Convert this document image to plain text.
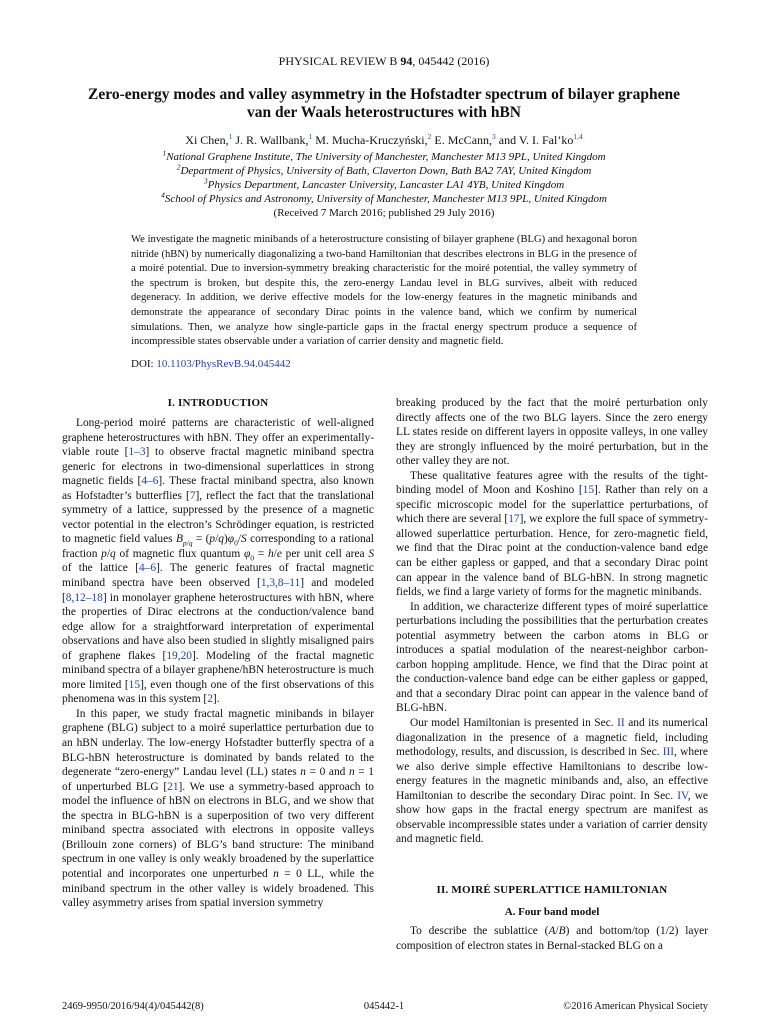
PHYSICAL REVIEW B 94, 045442 (2016)
Zero-energy modes and valley asymmetry in the Hofstadter spectrum of bilayer graphene
van der Waals heterostructures with hBN
Xi Chen,$^1$ J. R. Wallbank,$^1$ M. Mucha-Kruczyński,$^2$ E. McCann,$^3$ and V. I. Fal’ko$^{1,4}$
$^1$National Graphene Institute, The University of Manchester, Manchester M13 9PL, United Kingdom
$^2$Department of Physics, University of Bath, Claverton Down, Bath BA2 7AY, United Kingdom
$^3$Physics Department, Lancaster University, Lancaster LA1 4YB, United Kingdom
$^4$School of Physics and Astronomy, University of Manchester, Manchester M13 9PL, United Kingdom
(Received 7 March 2016; published 29 July 2016)
We investigate the magnetic minibands of a heterostructure consisting of bilayer graphene (BLG) and hexagonal boron nitride (hBN) by numerically diagonalizing a two-band Hamiltonian that describes electrons in BLG in the presence of a moiré potential. Due to inversion-symmetry breaking characteristic for the moiré potential, the valley symmetry of the spectrum is broken, but despite this, the zero-energy Landau level in BLG survives, albeit with reduced degeneracy. In addition, we derive effective models for the low-energy features in the magnetic minibands and demonstrate the appearance of secondary Dirac points in the valence band, which we confirm by numerical simulations. Then, we analyze how single-particle gaps in the fractal energy spectrum produce a sequence of incompressible states observable under a variation of carrier density and magnetic field.
DOI: 10.1103/PhysRevB.94.045442
I. INTRODUCTION

Long-period moiré patterns are characteristic of well-aligned graphene heterostructures with hBN. They offer an experimentally-viable route [1–3] to observe fractal magnetic miniband spectra generic for electrons in two-dimensional superlattices in strong magnetic fields [4–6]. These fractal miniband spectra, also known as Hofstadter’s butterflies [7], reflect the fact that the translational symmetry of a lattice, suppressed by the presence of a magnetic vector potential in the electron’s Schrödinger equation, is restricted to magnetic field values $B_{p/q} = (p/q)\varphi_0/S$ corresponding to a rational fraction p/q of magnetic flux quantum $\varphi_0 = h/e$ per unit cell area S of the lattice [4–6]. The generic features of fractal magnetic miniband spectra have been observed [1,3,8–11] and modeled [8,12–18] in monolayer graphene heterostructures with hBN, where the properties of Dirac electrons at the conduction/valence band edge allow for a straightforward interpretation of experimental observations and have also been studied in slightly misaligned pairs of graphene flakes [19,20]. Modeling of the fractal magnetic miniband spectra of a bilayer graphene/hBN heterostructure is much more limited [15], even though one of the first observations of this phenomena was in this system [2].

In this paper, we study fractal magnetic minibands in bilayer graphene (BLG) subject to a moiré superlattice perturbation due to an hBN underlay. The low-energy Hofstadter butterfly spectra of a BLG-hBN heterostructure is dominated by bands related to the degenerate “zero-energy” Landau level (LL) states n = 0 and n = 1 of unperturbed BLG [21]. We use a symmetry-based approach to model the influence of hBN on electrons in BLG, and we show that the spectra in BLG-hBN is a superposition of two very different miniband spectra associated with electrons in opposite valleys (Brillouin zone corners) of BLG’s band structure: The miniband spectrum in one valley is only weakly broadened by the superlattice potential and incorporates one unperturbed n = 0 LL, while the miniband spectrum in the other valley is widely broadened. This valley asymmetry arises from spatial inversion symmetry

breaking produced by the fact that the moiré perturbation only directly affects one of the two BLG layers. Since the zero energy LL states reside on different layers in opposite valleys, in one valley they are strongly influenced by the moiré perturbation, but in the other valley they are not.

These qualitative features agree with the results of the tight-binding model of Moon and Koshino [15]. Rather than rely on a specific microscopic model for the superlattice perturbations, of which there are several [17], we explore the full space of symmetry-allowed superlattice perturbation. Hence, for zero-magnetic field, we find that the Dirac point at the conduction-valence band edge can be either gapless or gapped, and that a secondary Dirac point can appear in the valence band of BLG-hBN. In strong magnetic fields, we find a large variety of forms for the magnetic minibands.

In addition, we characterize different types of moiré superlattice perturbations including the possibilities that the perturbation creates potential asymmetry between the carbon atoms in BLG or introduces a spatial modulation of the nearest-neighbor carbon-carbon hopping amplitude. Hence, we find that the Dirac point at the conduction-valence band edge can be either gapless or gapped, and that a secondary Dirac point can appear in the valence band of BLG-hBN.

Our model Hamiltonian is presented in Sec. II and its numerical diagonalization in the presence of a magnetic field, including methodology, results, and discussion, is described in Sec. III, where we also derive simple effective Hamiltonians to describe low-energy features in the magnetic minibands and, also, an effective Hamiltonian to describe the secondary Dirac point. In Sec. IV, we show how gaps in the fractal energy spectrum are manifest as observable incompressible states under a variation of carrier density and magnetic field.

II. MOIRÉ SUPERLATTICE HAMILTONIAN
A. Four band model

To describe the sublattice (A/B) and bottom/top (1/2) layer composition of electron states in Bernal-stacked BLG on a

2469-9950/2016/94(4)/045442(8)	045442-1	©2016 American Physical Society
